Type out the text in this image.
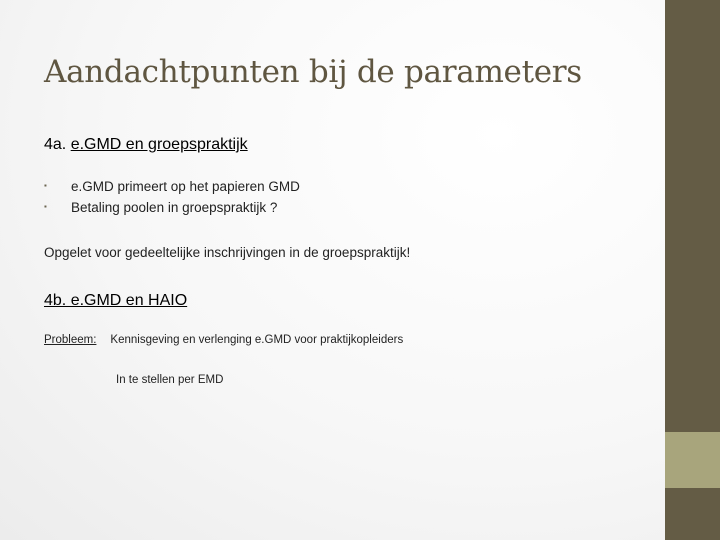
Aandachtpunten bij de parameters
4a. e.GMD en groepspraktijk
▪ e.GMD primeert op het papieren GMD
▪ Betaling poolen in groepspraktijk ?
Opgelet voor gedeeltelijke inschrijvingen in de groepspraktijk!
4b. e.GMD en HAIO
Probleem: Kennisgeving en verlenging e.GMD voor praktijkopleiders
In te stellen per EMD
